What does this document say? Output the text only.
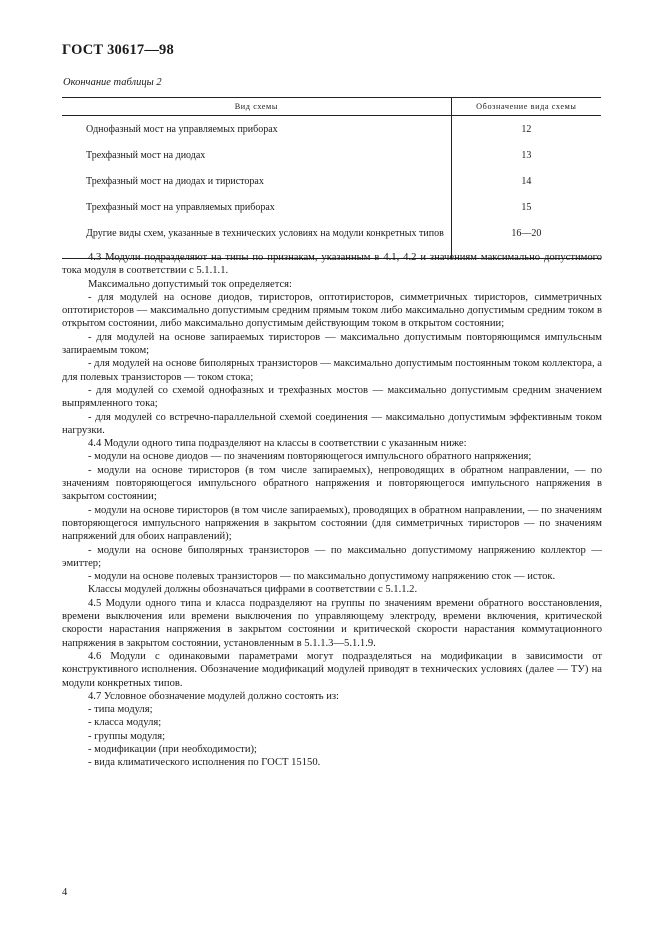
ГОСТ 30617—98
Окончание таблицы 2
Вид схемы	Обозначение вида схемы
Однофазный мост на управляемых приборах	12
Трехфазный мост на диодах	13
Трехфазный мост на диодах и тиристорах	14
Трехфазный мост на управляемых приборах	15
Другие виды схем, указанные в технических условиях на модули конкретных типов	16—20

4.3 Модули подразделяют на типы по признакам, указанным в 4.1, 4.2 и значениям максимально допустимого тока модуля в соответствии с 5.1.1.1.

Максимально допустимый ток определяется:

- для модулей на основе диодов, тиристоров, оптотиристоров, симметричных тиристоров, симметричных оптотиристоров — максимально допустимым средним прямым током либо максимально допустимым средним током в открытом состоянии, либо максимально допустимым действующим током в открытом состоянии;

- для модулей на основе запираемых тиристоров — максимально допустимым повторяющимся импульсным запираемым током;

- для модулей на основе биполярных транзисторов — максимально допустимым постоянным током коллектора, а для полевых транзисторов — током стока;

- для модулей со схемой однофазных и трехфазных мостов — максимально допустимым средним значением выпрямленного тока;

- для модулей со встречно-параллельной схемой соединения — максимально допустимым эффективным током нагрузки.

4.4 Модули одного типа подразделяют на классы в соответствии с указанным ниже:

- модули на основе диодов — по значениям повторяющегося импульсного обратного напряжения;

- модули на основе тиристоров (в том числе запираемых), непроводящих в обратном направлении, — по значениям повторяющегося импульсного обратного напряжения и повторяющегося импульсного напряжения в закрытом состоянии;

- модули на основе тиристоров (в том числе запираемых), проводящих в обратном направлении, — по значениям повторяющегося импульсного напряжения в закрытом состоянии (для симметричных тиристоров — по значениям напряжений для обоих направлений);

- модули на основе биполярных транзисторов — по максимально допустимому напряжению коллектор — эмиттер;

- модули на основе полевых транзисторов — по максимально допустимому напряжению сток — исток.

Классы модулей должны обозначаться цифрами в соответствии с 5.1.1.2.

4.5 Модули одного типа и класса подразделяют на группы по значениям времени обратного восстановления, времени выключения или времени выключения по управляющему электроду, времени включения, критической скорости нарастания напряжения в закрытом состоянии и критической скорости нарастания коммутационного напряжения в закрытом состоянии, установленным в 5.1.1.3—5.1.1.9.

4.6 Модули с одинаковыми параметрами могут подразделяться на модификации в зависимости от конструктивного исполнения. Обозначение модификаций модулей приводят в технических условиях (далее — ТУ) на модули конкретных типов.

4.7 Условное обозначение модулей должно состоять из:

- типа модуля;

- класса модуля;

- группы модуля;

- модификации (при необходимости);

- вида климатического исполнения по ГОСТ 15150.

4
